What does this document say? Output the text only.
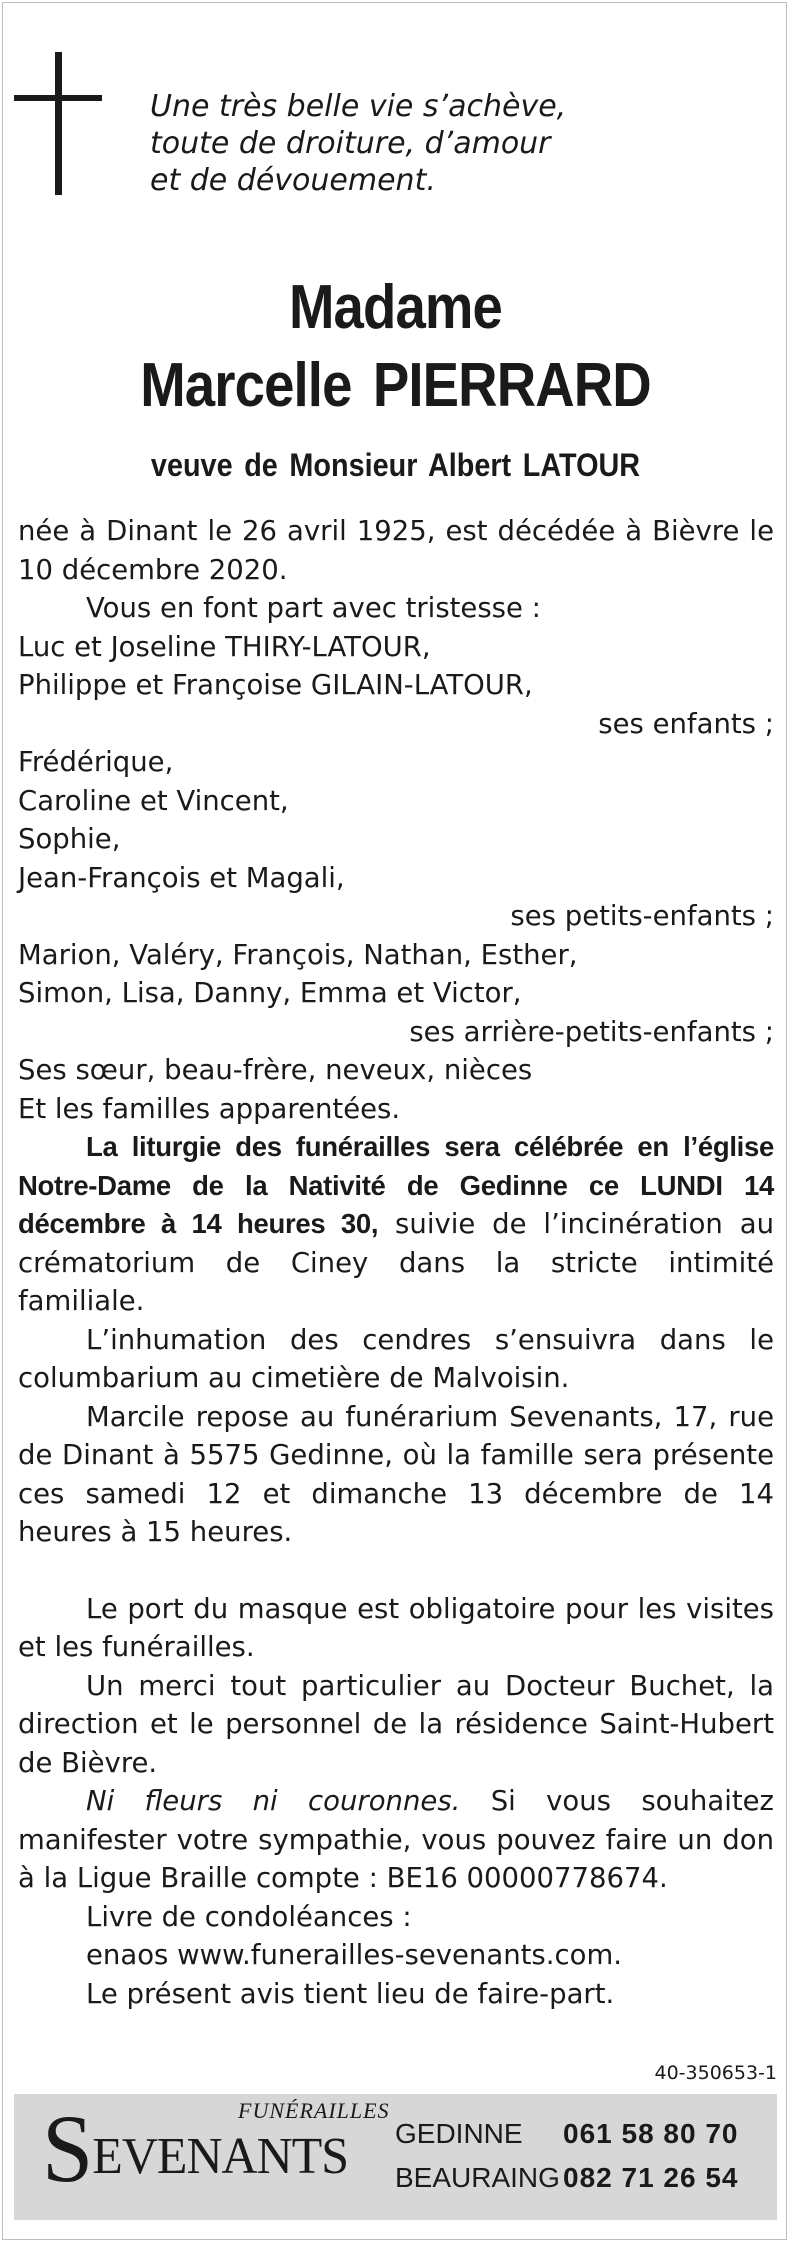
Une très belle vie s’achève,
toute de droiture, d’amour
et de dévouement.
Madame
Marcelle PIERRARD
veuve de Monsieur Albert LATOUR

née à Dinant le 26 avril 1925, est décédée à Bièvre le 10 décembre 2020.

Vous en font part avec tristesse :

Luc et Joseline THIRY-LATOUR,

Philippe et Françoise GILAIN-LATOUR,

ses enfants ;

Frédérique,

Caroline et Vincent,

Sophie,

Jean-François et Magali,

ses petits-enfants ;

Marion, Valéry, François, Nathan, Esther,

Simon, Lisa, Danny, Emma et Victor,

ses arrière-petits-enfants ;

Ses sœur, beau-frère, neveux, nièces

Et les familles apparentées.

La liturgie des funérailles sera célébrée en l’église Notre-Dame de la Nativité de Gedinne ce LUNDI 14 décembre à 14 heures 30, suivie de l’incinération au crématorium de Ciney dans la stricte intimité familiale.

L’inhumation des cendres s’ensuivra dans le columbarium au cimetière de Malvoisin.

Marcile repose au funérarium Sevenants, 17, rue de Dinant à 5575 Gedinne, où la famille sera présente ces samedi 12 et dimanche 13 décembre de 14 heures à 15 heures.

Le port du masque est obligatoire pour les visites et les funérailles.

Un merci tout particulier au Docteur Buchet, la direction et le personnel de la résidence Saint-Hubert de Bièvre.

Ni fleurs ni couronnes. Si vous souhaitez manifester votre sympathie, vous pouvez faire un don à la Ligue Braille compte : BE16 00000778674.

Livre de condoléances :

enaos www.funerailles-sevenants.com.

Le présent avis tient lieu de faire-part.

40-350653-1
FUNÉRAILLES
SEVENANTS GEDINNE 061 58 80 70
BEAURAING 082 71 26 54
